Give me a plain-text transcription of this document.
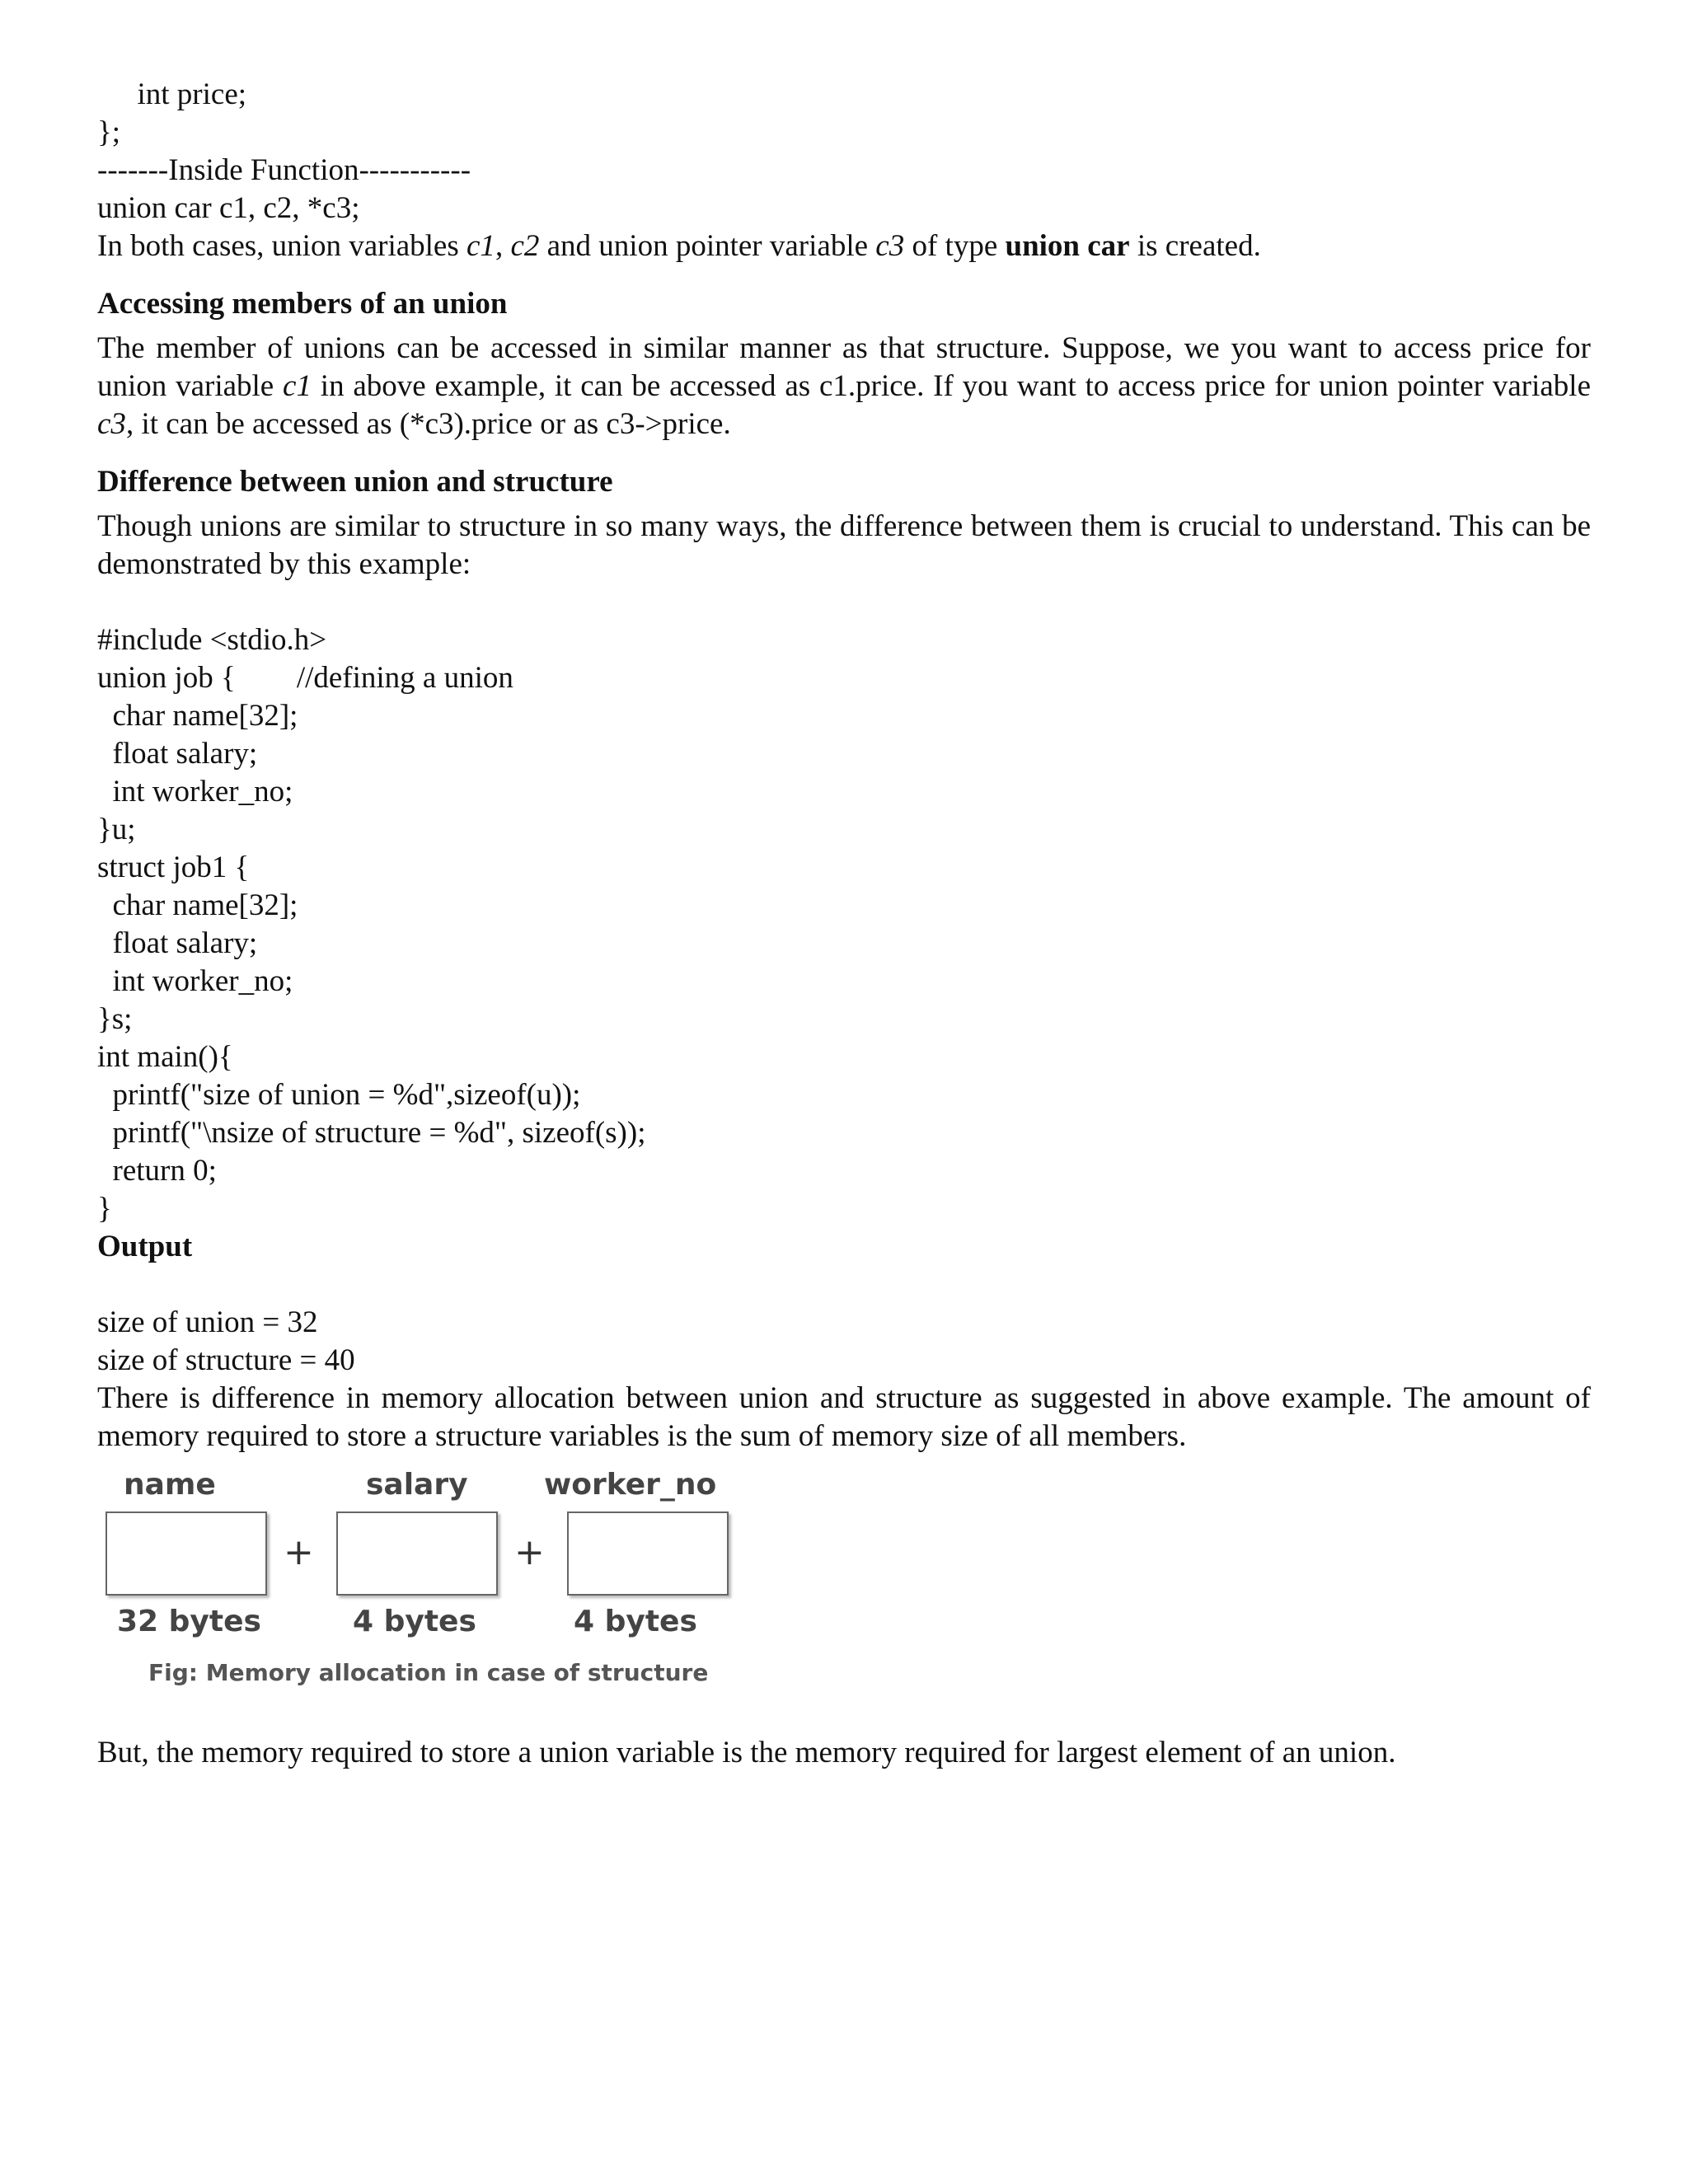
int price;

};

-------Inside Function-----------

union car c1, c2, *c3;

In both cases, union variables c1, c2 and union pointer variable c3 of type union car is created.

Accessing members of an union

The member of unions can be accessed in similar manner as that structure. Suppose, we you want to access price for union variable c1 in above example, it can be accessed as c1.price. If you want to access price for union pointer variable c3, it can be accessed as (*c3).price or as c3->price.

Difference between union and structure

Though unions are similar to structure in so many ways, the difference between them is crucial to understand. This can be demonstrated by this example:

#include <stdio.h>

union job {        //defining a union

char name[32];

float salary;

int worker_no;

}u;

struct job1 {

char name[32];

float salary;

int worker_no;

}s;

int main(){

printf("size of union = %d",sizeof(u));

printf("\nsize of structure = %d", sizeof(s));

return 0;

}

Output

size of union = 32

size of structure = 40

There is difference in memory allocation between union and structure as suggested in above example. The amount of memory required to store a structure variables is the sum of memory size of all members.

name	salary	worker_no
+	+
32 bytes	4 bytes	4 bytes
Fig: Memory allocation in case of structure

But, the memory required to store a union variable is the memory required for largest element of an union.
